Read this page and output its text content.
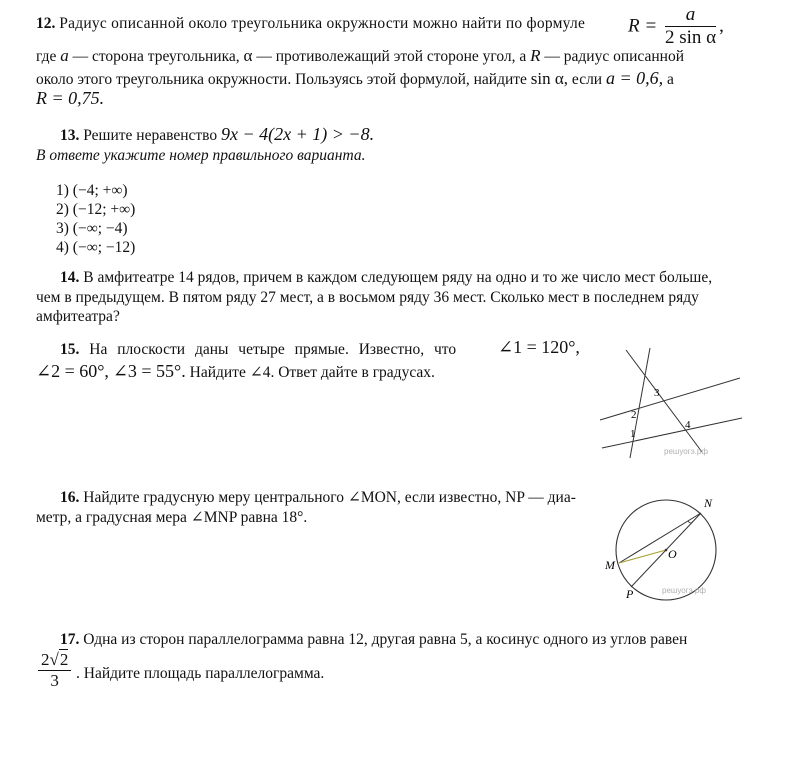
12. Радиус описанной около треугольника окружности можно найти по формуле $R = \frac{a}{\text{2 sin α}}$ ,
где a — сторона треугольника, α — противолежащий этой стороне угол, а R — радиус описанной
около этого треугольника окружности. Пользуясь этой формулой, найдите sin α, если a = 0,6, а
R = 0,75.
13. Решите неравенство 9x − 4(2x + 1) > −8.
В ответе укажите номер правильного варианта.
1) (−4; +∞)
2) (−12; +∞)
3) (−∞; −4)
4) (−∞; −12)
14. В амфитеатре 14 рядов, причем в каждом следующем ряду на одно и то же число мест больше,
чем в предыдущем. В пятом ряду 27 мест, а в восьмом ряду 36 мест. Сколько мест в последнем ряду
амфитеатра?
15. На плоскости даны четыре прямые. Известно, что ∠1 = 120°,
∠2 = 60°, ∠3 = 55°. Найдите ∠4. Ответ дайте в градусах.
1
2
3
4
решуогэ.рф
16. Найдите градусную меру центрального ∠MON, если известно, NP — диа-
метр, а градусная мера ∠MNP равна 18°.
N
O
M
P	решуогэ.рф
17. Одна из сторон параллелограмма равна 12, другая равна 5, а косинус одного из углов равен
$\frac{2√2}{3}$ . Найдите площадь параллелограмма.
